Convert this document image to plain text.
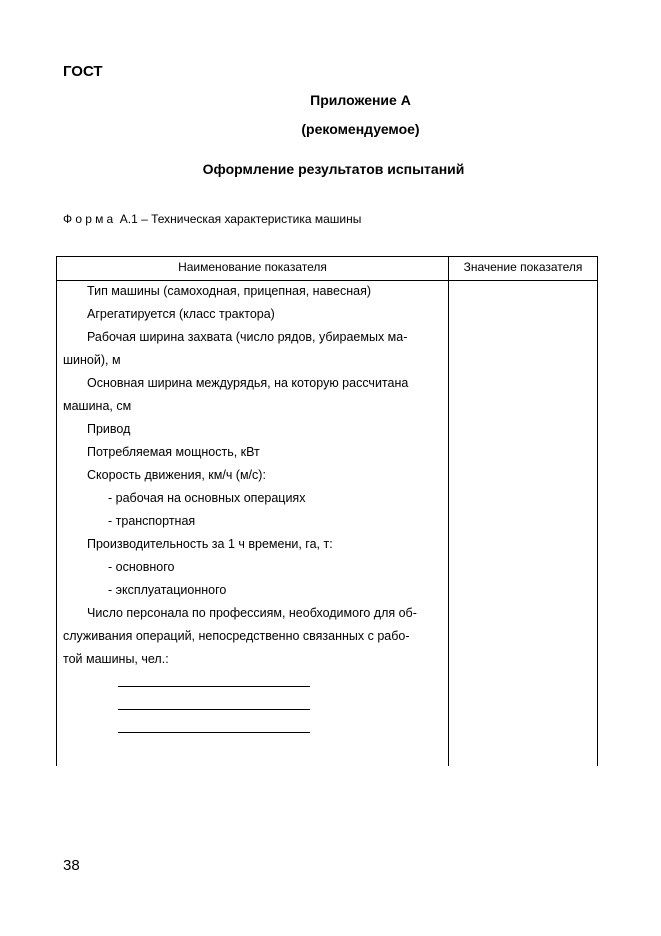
ГОСТ
Приложение А
(рекомендуемое)
Оформление результатов испытаний
Форма А.1 – Техническая характеристика машины
Наименование показателя	Значение показателя
Тип машины (самоходная, прицепная, навесная)
Агрегатируется (класс трактора)
Рабочая ширина захвата (число рядов, убираемых ма-
шиной), м
Основная ширина междурядья, на которую рассчитана
машина, см
Привод
Потребляемая мощность, кВт
Скорость движения, км/ч (м/с):
- рабочая на основных операциях
- транспортная
Производительность за 1 ч времени, га, т:
- основного
- эксплуатационного
Число персонала по профессиям, необходимого для об-
служивания операций, непосредственно связанных с рабо-
той машины, чел.:
38
